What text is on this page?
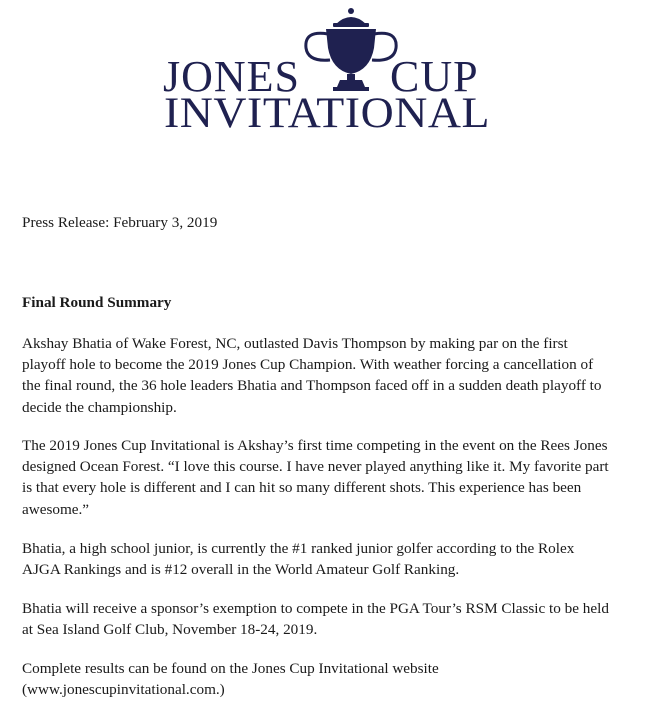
JONES CUP
INVITATIONAL
Press Release: February 3, 2019
Final Round Summary

Akshay Bhatia of Wake Forest, NC, outlasted Davis Thompson by making par on the first
playoff hole to become the 2019 Jones Cup Champion. With weather forcing a cancellation of
the final round, the 36 hole leaders Bhatia and Thompson faced off in a sudden death playoff to
decide the championship.

The 2019 Jones Cup Invitational is Akshay’s first time competing in the event on the Rees Jones
designed Ocean Forest. “I love this course. I have never played anything like it. My favorite part
is that every hole is different and I can hit so many different shots. This experience has been
awesome.”

Bhatia, a high school junior, is currently the #1 ranked junior golfer according to the Rolex
AJGA Rankings and is #12 overall in the World Amateur Golf Ranking.

Bhatia will receive a sponsor’s exemption to compete in the PGA Tour’s RSM Classic to be held
at Sea Island Golf Club, November 18-24, 2019.

Complete results can be found on the Jones Cup Invitational website
(www.jonescupinvitational.com.)
